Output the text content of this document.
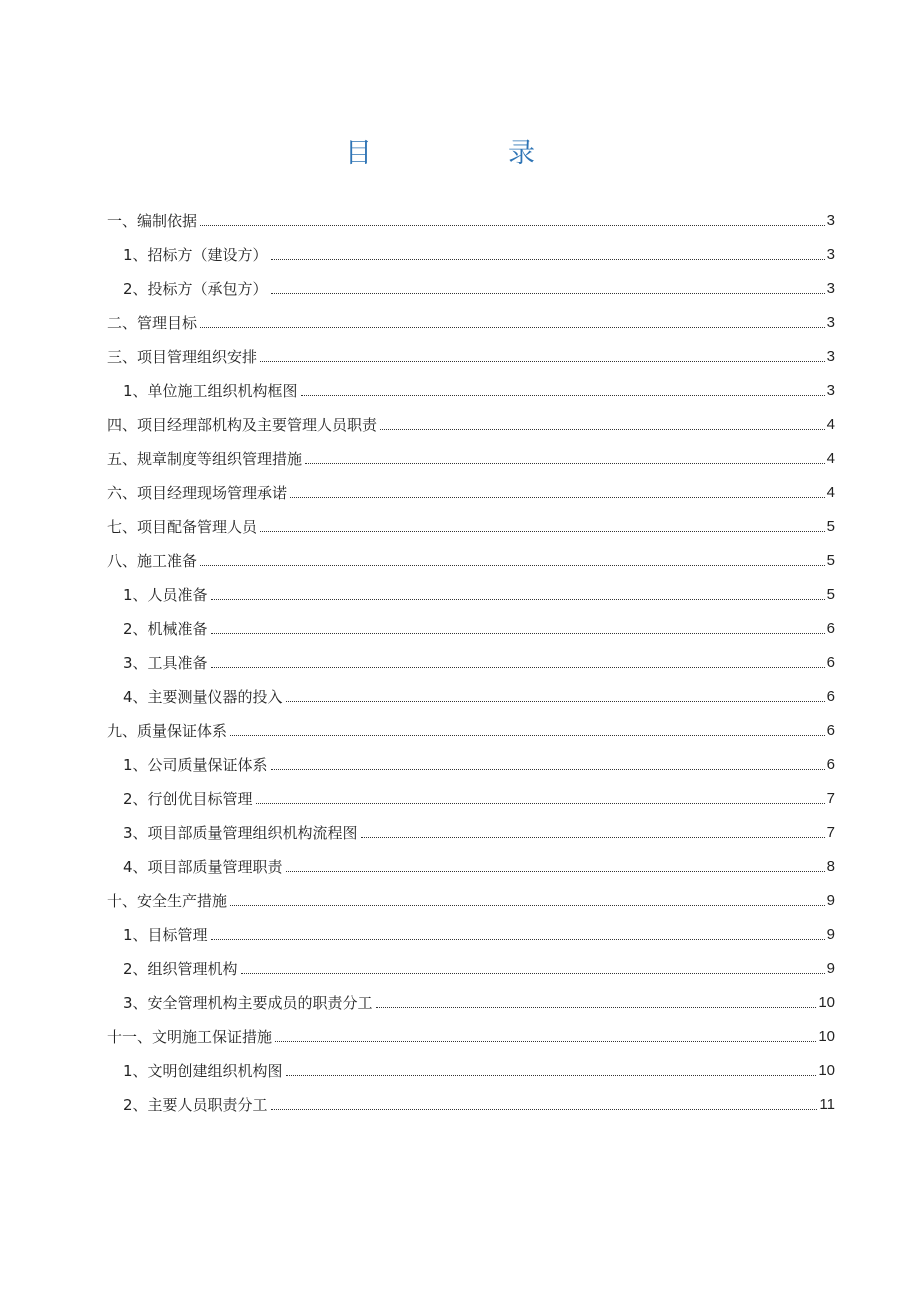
目	录
一、编制依据	3
1、招标方（建设方）	3
2、投标方（承包方）	3
二、管理目标	3
三、项目管理组织安排	3
1、单位施工组织机构框图	3
四、项目经理部机构及主要管理人员职责	4
五、规章制度等组织管理措施	4
六、项目经理现场管理承诺	4
七、项目配备管理人员	5
八、施工准备	5
1、人员准备	5
2、机械准备	6
3、工具准备	6
4、主要测量仪器的投入	6
九、质量保证体系	6
1、公司质量保证体系	6
2、行创优目标管理	7
3、项目部质量管理组织机构流程图	7
4、项目部质量管理职责	8
十、安全生产措施	9
1、目标管理	9
2、组织管理机构	9
3、安全管理机构主要成员的职责分工	10
十一、文明施工保证措施	10
1、文明创建组织机构图	10
2、主要人员职责分工	11
